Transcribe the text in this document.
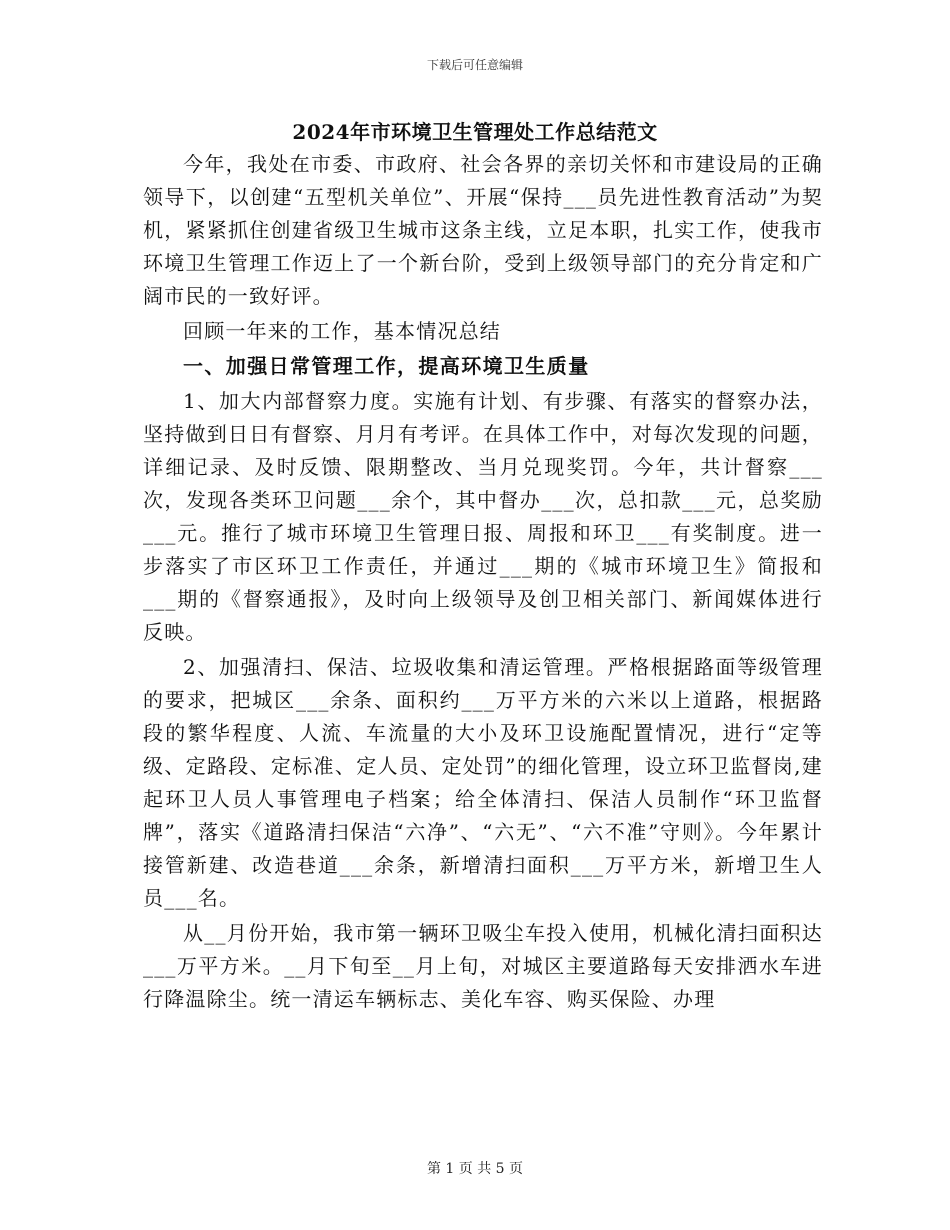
下载后可任意编辑
2024年市环境卫生管理处工作总结范文

今年，我处在市委、市政府、社会各界的亲切关怀和市建设局的正确领导下，以创建“五型机关单位”、开展“保持___员先进性教育活动”为契机，紧紧抓住创建省级卫生城市这条主线，立足本职，扎实工作，使我市环境卫生管理工作迈上了一个新台阶，受到上级领导部门的充分肯定和广阔市民的一致好评。

回顾一年来的工作，基本情况总结

一、加强日常管理工作，提高环境卫生质量

1、加大内部督察力度。实施有计划、有步骤、有落实的督察办法，坚持做到日日有督察、月月有考评。在具体工作中，对每次发现的问题，详细记录、及时反馈、限期整改、当月兑现奖罚。今年，共计督察___次，发现各类环卫问题___余个，其中督办___次，总扣款___元，总奖励___元。推行了城市环境卫生管理日报、周报和环卫___有奖制度。进一步落实了市区环卫工作责任，并通过___期的《城市环境卫生》简报和___期的《督察通报》，及时向上级领导及创卫相关部门、新闻媒体进行反映。

2、加强清扫、保洁、垃圾收集和清运管理。严格根据路面等级管理的要求，把城区___余条、面积约___万平方米的六米以上道路，根据路段的繁华程度、人流、车流量的大小及环卫设施配置情况，进行“定等级、定路段、定标准、定人员、定处罚”的细化管理，设立环卫监督岗,建起环卫人员人事管理电子档案；给全体清扫、保洁人员制作“环卫监督牌”，落实《道路清扫保洁“六净”、“六无”、“六不准”守则》。今年累计接管新建、改造巷道___余条，新增清扫面积___万平方米，新增卫生人员___名。

从__月份开始，我市第一辆环卫吸尘车投入使用，机械化清扫面积达___万平方米。__月下旬至__月上旬，对城区主要道路每天安排洒水车进行降温除尘。统一清运车辆标志、美化车容、购买保险、办理

第 1 页 共 5 页
